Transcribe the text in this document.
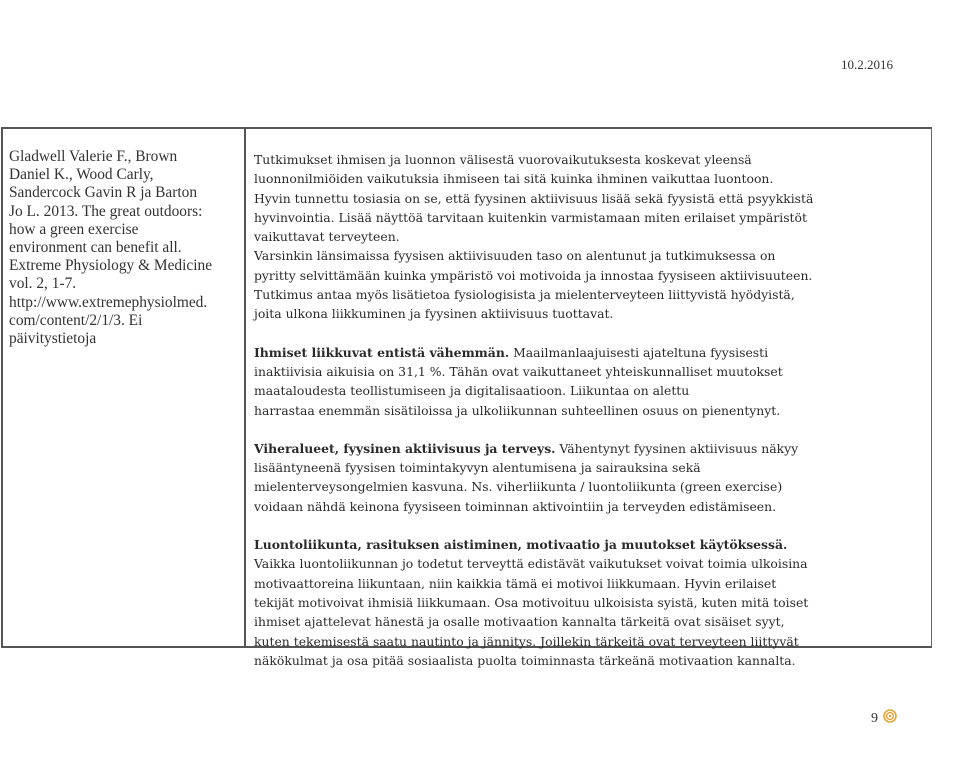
10.2.2016
Gladwell Valerie F., Brown
Daniel K., Wood Carly,
Sandercock Gavin R ja Barton
Jo L. 2013. The great outdoors:
how a green exercise
environment can benefit all.
Extreme Physiology & Medicine
vol. 2, 1-7.
http://www.extremephysiolmed.
com/content/2/1/3. Ei
päivitystietoja
Tutkimukset ihmisen ja luonnon välisestä vuorovaikutuksesta koskevat yleensä
luonnonilmiöiden vaikutuksia ihmiseen tai sitä kuinka ihminen vaikuttaa luontoon.
Hyvin tunnettu tosiasia on se, että fyysinen aktiivisuus lisää sekä fyysistä että psyykkistä
hyvinvointia. Lisää näyttöä tarvitaan kuitenkin varmistamaan miten erilaiset ympäristöt
vaikuttavat terveyteen.
Varsinkin länsimaissa fyysisen aktiivisuuden taso on alentunut ja tutkimuksessa on
pyritty selvittämään kuinka ympäristö voi motivoida ja innostaa fyysiseen aktiivisuuteen.
Tutkimus antaa myös lisätietoa fysiologisista ja mielenterveyteen liittyvistä hyödyistä,
joita ulkona liikkuminen ja fyysinen aktiivisuus tuottavat.
Ihmiset liikkuvat entistä vähemmän. Maailmanlaajuisesti ajateltuna fyysisesti
inaktiivisia aikuisia on 31,1 %. Tähän ovat vaikuttaneet yhteiskunnalliset muutokset
maataloudesta teollistumiseen ja digitalisaatioon. Liikuntaa on alettu
harrastaa enemmän sisätiloissa ja ulkoliikunnan suhteellinen osuus on pienentynyt.
Viheralueet, fyysinen aktiivisuus ja terveys. Vähentynyt fyysinen aktiivisuus näkyy
lisääntyneenä fyysisen toimintakyvyn alentumisena ja sairauksina sekä
mielenterveysongelmien kasvuna. Ns. viherliikunta / luontoliikunta (green exercise)
voidaan nähdä keinona fyysiseen toiminnan aktivointiin ja terveyden edistämiseen.
Luontoliikunta, rasituksen aistiminen, motivaatio ja muutokset käytöksessä.
Vaikka luontoliikunnan jo todetut terveyttä edistävät vaikutukset voivat toimia ulkoisina
motivaattoreina liikuntaan, niin kaikkia tämä ei motivoi liikkumaan. Hyvin erilaiset
tekijät motivoivat ihmisiä liikkumaan. Osa motivoituu ulkoisista syistä, kuten mitä toiset
ihmiset ajattelevat hänestä ja osalle motivaation kannalta tärkeitä ovat sisäiset syyt,
kuten tekemisestä saatu nautinto ja jännitys. Joillekin tärkeitä ovat terveyteen liittyvät
näkökulmat ja osa pitää sosiaalista puolta toiminnasta tärkeänä motivaation kannalta.
9
